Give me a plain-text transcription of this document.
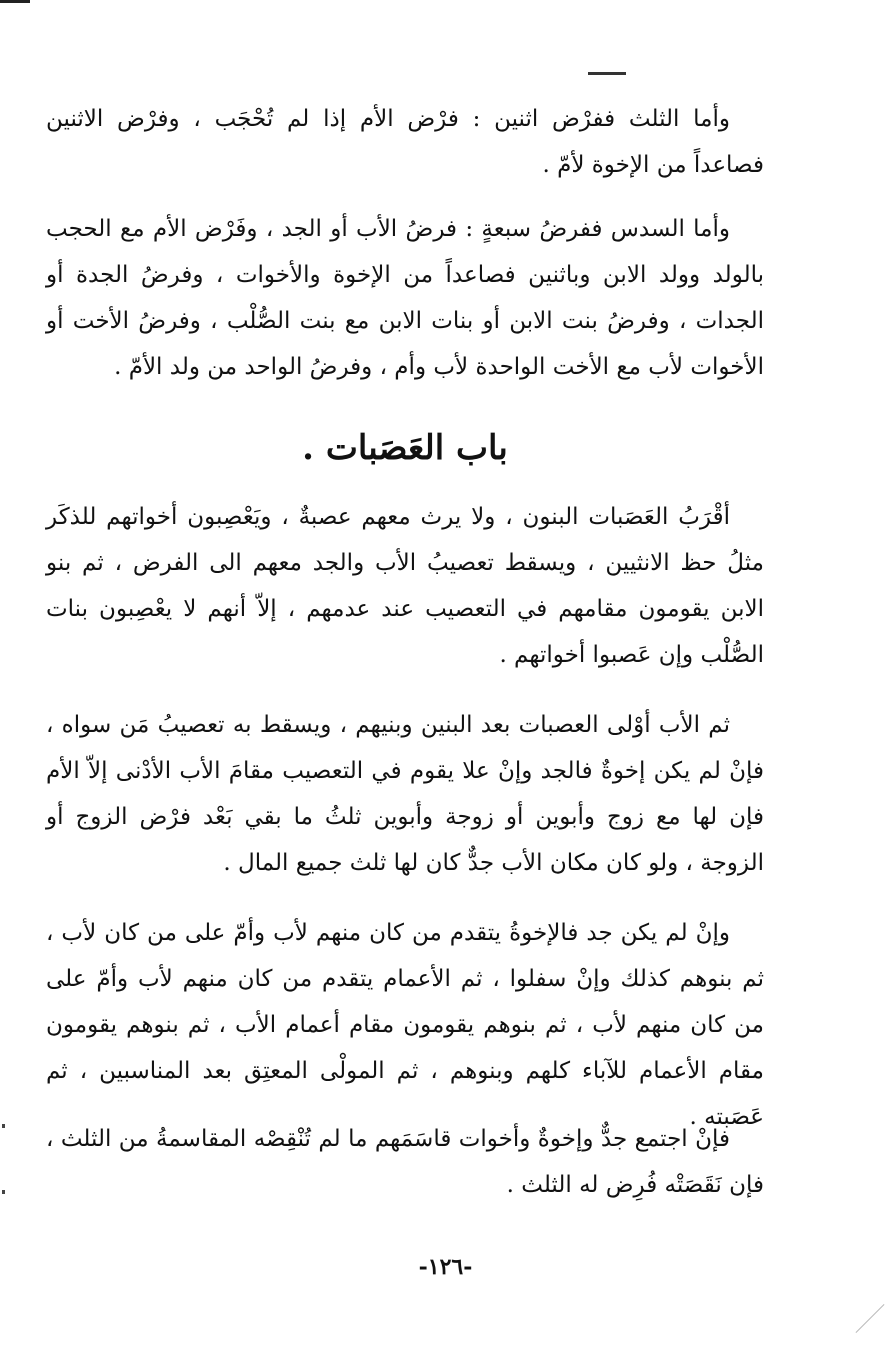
وأما الثلث ففرْض اثنين : فرْض الأم إذا لم تُحْجَب ، وفرْض الاثنين فصاعداً من الإخوة لأمّ .

وأما السدس ففرضُ سبعةٍ : فرضُ الأب أو الجد ، وفَرْض الأم مع الحجب بالولد وولد الابن وباثنين فصاعداً من الإخوة والأخوات ، وفرضُ الجدة أو الجدات ، وفرضُ بنت الابن أو بنات الابن مع بنت الصُّلْب ، وفرضُ الأخت أو الأخوات لأب مع الأخت الواحدة لأب وأم ، وفرضُ الواحد من ولد الأمّ .

باب العَصَبات .

أقْرَبُ العَصَبات البنون ، ولا يرث معهم عصبةٌ ، ويَعْصِبون أخواتهم للذكَر مثلُ حظ الانثيين ، ويسقط تعصيبُ الأب والجد معهم الى الفرض ، ثم بنو الابن يقومون مقامهم في التعصيب عند عدمهم ، إلاّ أنهم لا يعْصِبون بنات الصُّلْب وإن عَصبوا أخواتهم .

ثم الأب أوْلى العصبات بعد البنين وبنيهم ، ويسقط به تعصيبُ مَن سواه ، فإنْ لم يكن إخوةٌ فالجد وإنْ علا يقوم في التعصيب مقامَ الأب الأدْنى إلاّ الأم فإن لها مع زوج وأبوين أو زوجة وأبوين ثلثُ ما بقي بَعْد فرْض الزوج أو الزوجة ، ولو كان مكان الأب جدٌّ كان لها ثلث جميع المال .

وإنْ لم يكن جد فالإخوةُ يتقدم من كان منهم لأب وأمّ على من كان لأب ، ثم بنوهم كذلك وإنْ سفلوا ، ثم الأعمام يتقدم من كان منهم لأب وأمّ على من كان منهم لأب ، ثم بنوهم يقومون مقام أعمام الأب ، ثم بنوهم يقومون مقام الأعمام للآباء كلهم وبنوهم ، ثم المولْى المعتِق بعد المناسبين ، ثم عَصَبته .

فإنْ اجتمع جدٌّ وإخوةٌ وأخوات قاسَمَهم ما لم تُنْقِصْه المقاسمةُ من الثلث ، فإن نَقَصَتْه فُرِض له الثلث .

-١٢٦-
